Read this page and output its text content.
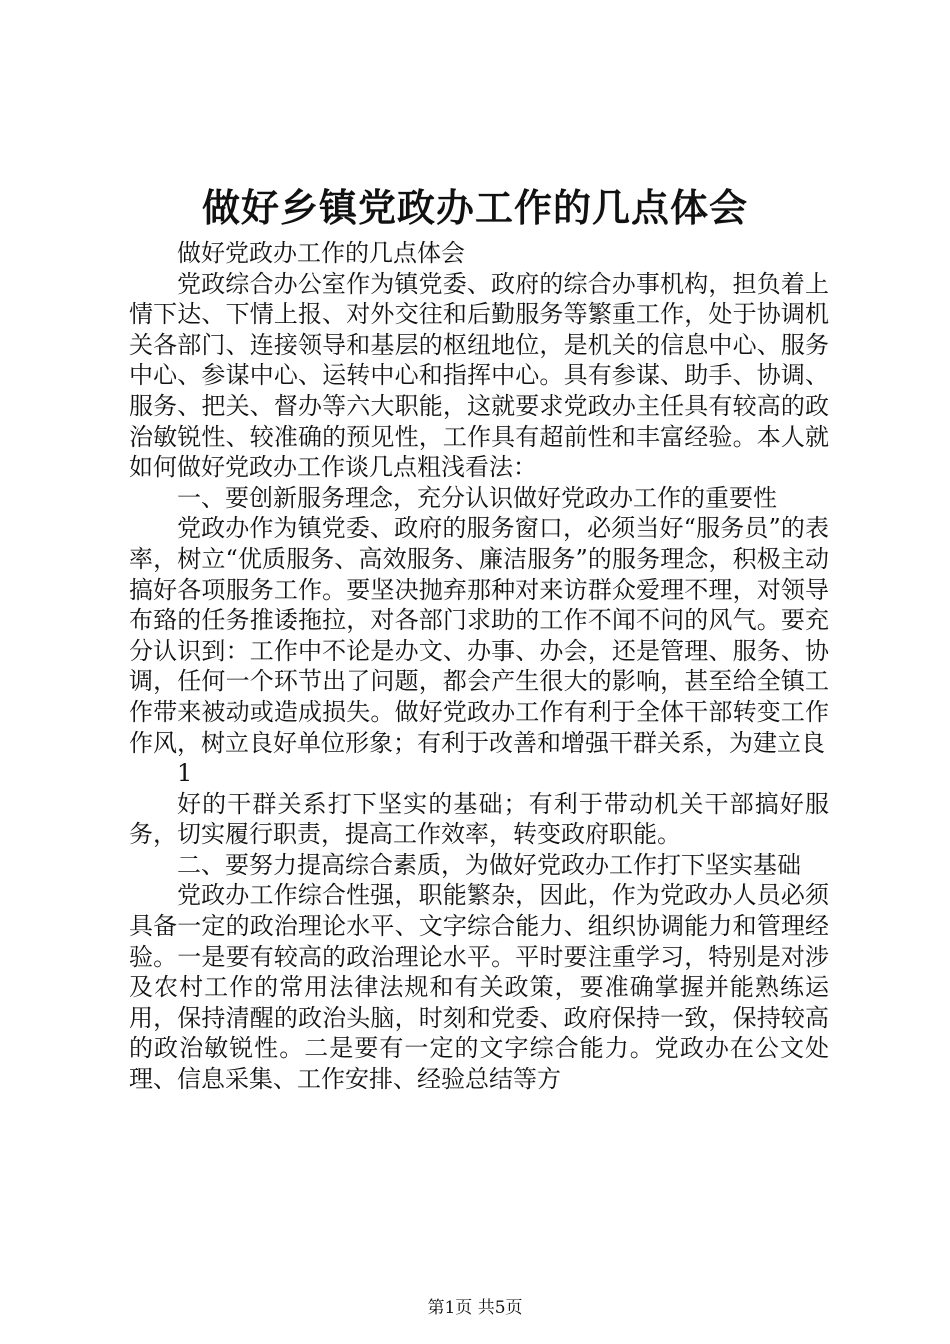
做好乡镇党政办工作的几点体会

做好党政办工作的几点体会

党政综合办公室作为镇党委、政府的综合办事机构，担负着上情下达、下情上报、对外交往和后勤服务等繁重工作，处于协调机关各部门、连接领导和基层的枢纽地位，是机关的信息中心、服务中心、参谋中心、运转中心和指挥中心。具有参谋、助手、协调、服务、把关、督办等六大职能，这就要求党政办主任具有较高的政治敏锐性、较准确的预见性，工作具有超前性和丰富经验。本人就如何做好党政办工作谈几点粗浅看法：

一、要创新服务理念，充分认识做好党政办工作的重要性

党政办作为镇党委、政府的服务窗口，必须当好“服务员”的表率，树立“优质服务、高效服务、廉洁服务”的服务理念，积极主动搞好各项服务工作。要坚决抛弃那种对来访群众爱理不理，对领导布臵的任务推诿拖拉，对各部门求助的工作不闻不问的风气。要充分认识到：工作中不论是办文、办事、办会，还是管理、服务、协调，任何一个环节出了问题，都会产生很大的影响，甚至给全镇工作带来被动或造成损失。做好党政办工作有利于全体干部转变工作作风，树立良好单位形象；有利于改善和增强干群关系，为建立良

1

好的干群关系打下坚实的基础；有利于带动机关干部搞好服务，切实履行职责，提高工作效率，转变政府职能。

二、要努力提高综合素质，为做好党政办工作打下坚实基础

党政办工作综合性强，职能繁杂，因此，作为党政办人员必须具备一定的政治理论水平、文字综合能力、组织协调能力和管理经验。一是要有较高的政治理论水平。平时要注重学习，特别是对涉及农村工作的常用法律法规和有关政策，要准确掌握并能熟练运用，保持清醒的政治头脑，时刻和党委、政府保持一致，保持较高的政治敏锐性。二是要有一定的文字综合能力。党政办在公文处理、信息采集、工作安排、经验总结等方

第1页 共5页
